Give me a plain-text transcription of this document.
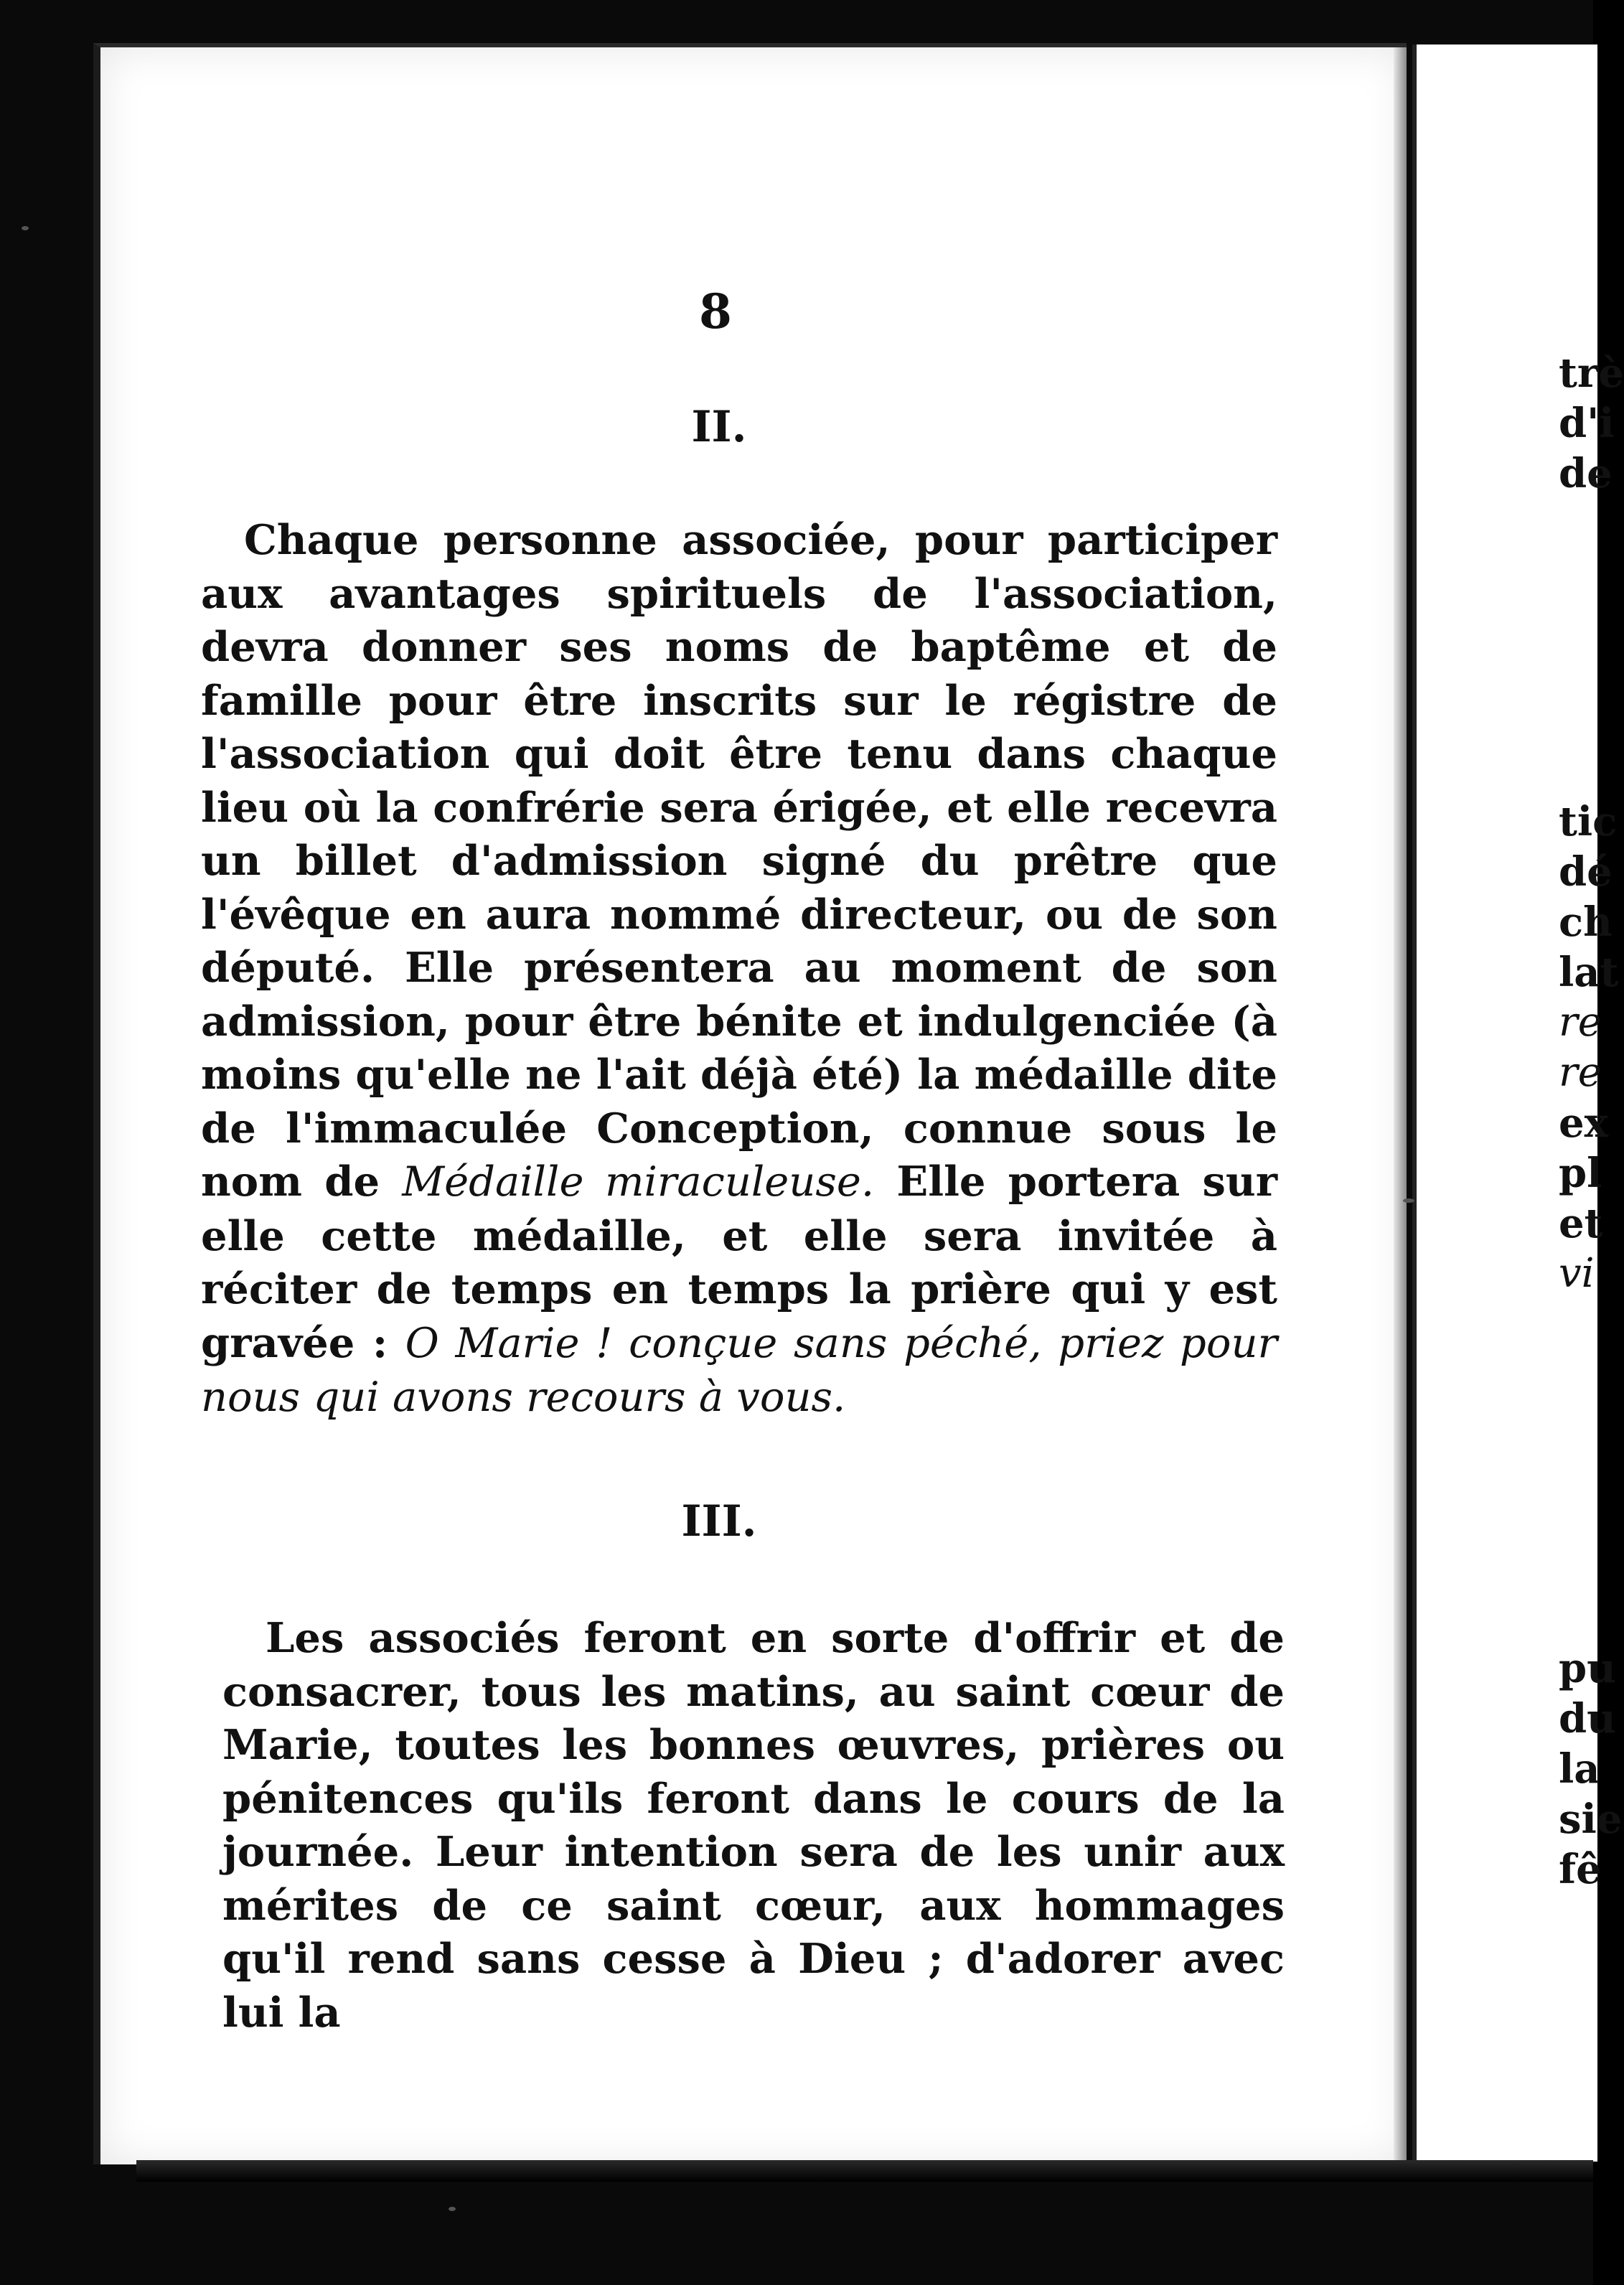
8
II.

Chaque personne associée, pour participer aux avantages spirituels de l'association, devra donner ses noms de baptême et de famille pour être inscrits sur le régistre de l'association qui doit être tenu dans chaque lieu où la confrérie sera érigée, et elle recevra un billet d'admission signé du prêtre que l'évêque en aura nommé directeur, ou de son député. Elle présentera au moment de son admission, pour être bénite et indulgenciée (à moins qu'elle ne l'ait déjà été) la médaille dite de l'immaculée Conception, connue sous le nom de Médaille miraculeuse. Elle portera sur elle cette médaille, et elle sera invitée à réciter de temps en temps la prière qui y est gravée : O Marie ! conçue sans péché, priez pour nous qui avons recours à vous.

III.

Les associés feront en sorte d'offrir et de consacrer, tous les matins, au saint cœur de Marie, toutes les bonnes œuvres, prières ou pénitences qu'ils feront dans le cours de la journée. Leur intention sera de les unir aux mérites de ce saint cœur, aux hommages qu'il rend sans cesse à Dieu ; d'adorer avec lui la

trè
d'i
de
tic
dé
ch
lat
re
re
ex
pl
et
vi
pu
du
la
sie
fê
